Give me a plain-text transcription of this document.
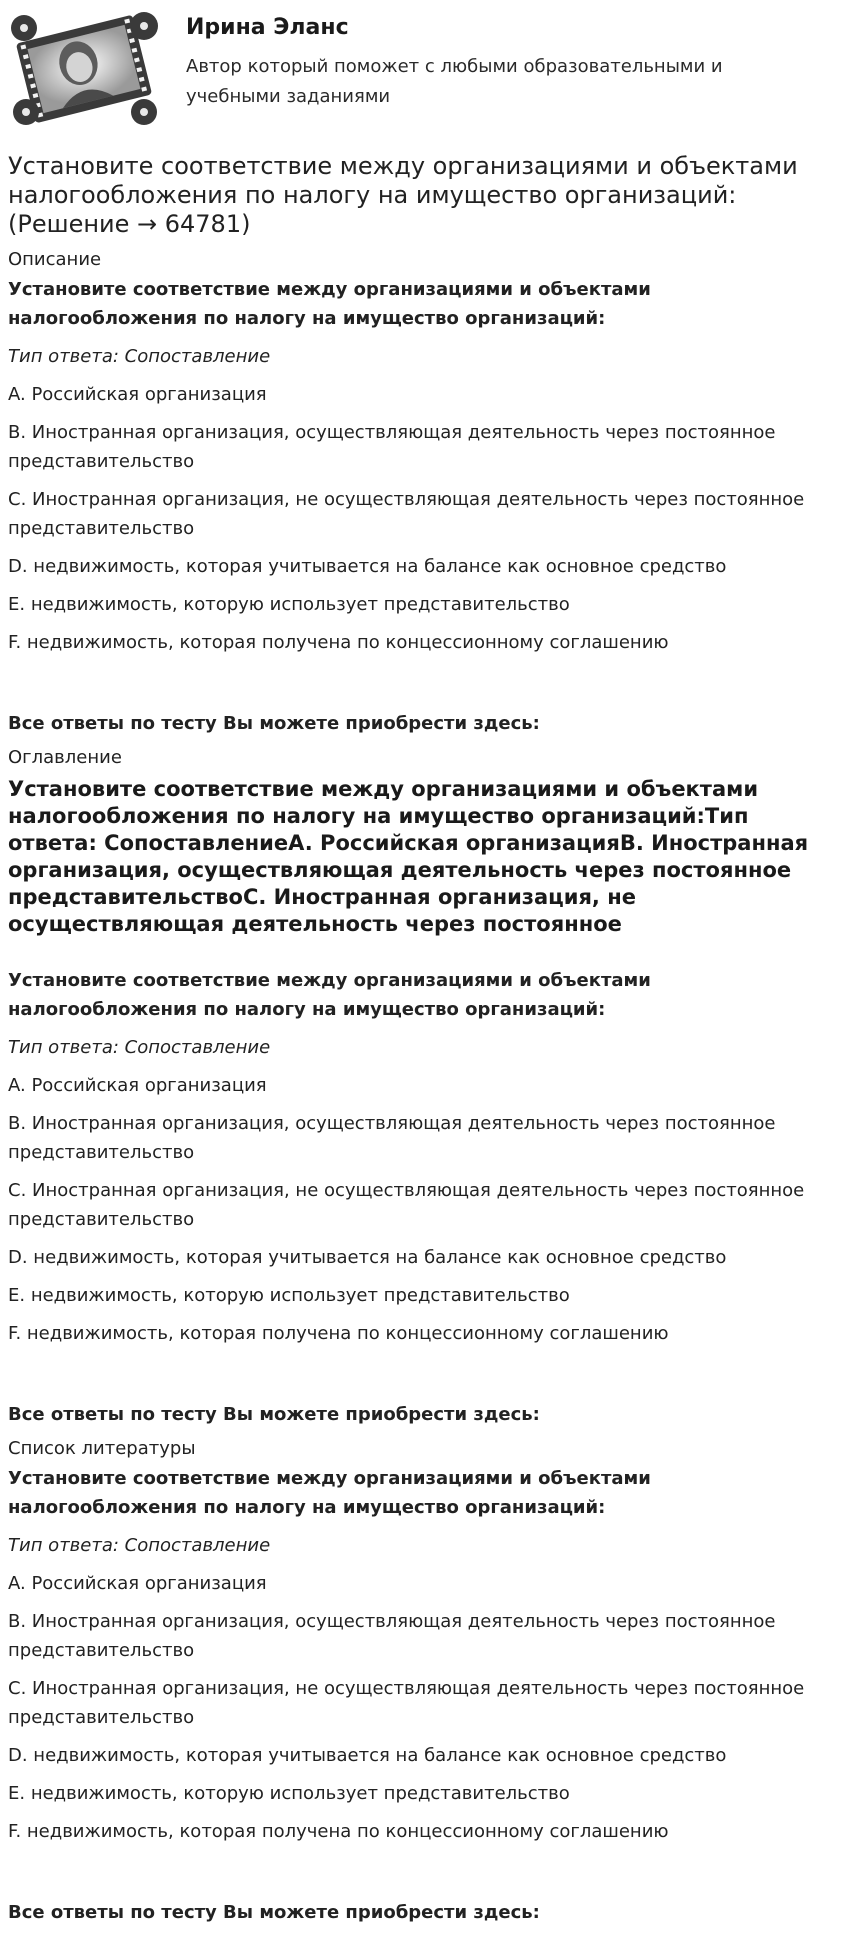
Ирина Эланс
Автор который поможет с любыми образовательными и учебными заданиями
Установите соответствие между организациями и объектами налогообложения по налогу на имущество организаций: (Решение → 64781)
Описание

Установите соответствие между организациями и объектами налогообложения по налогу на имущество организаций:

Тип ответа: Сопоставление

A. Российская организация

B. Иностранная организация, осуществляющая деятельность через постоянное представительство

C. Иностранная организация, не осуществляющая деятельность через постоянное представительство

D. недвижимость, которая учитывается на балансе как основное средство

E. недвижимость, которую использует представительство

F. недвижимость, которая получена по концессионному соглашению

Все ответы по тесту Вы можете приобрести здесь:

Оглавление
Установите соответствие между организациями и объектами налогообложения по налогу на имущество организаций:Тип ответа: СопоставлениеA. Российская организацияB. Иностранная организация, осуществляющая деятельность через постоянное представительствоC. Иностранная организация, не осуществляющая деятельность через постоянное

Установите соответствие между организациями и объектами налогообложения по налогу на имущество организаций:

Тип ответа: Сопоставление

A. Российская организация

B. Иностранная организация, осуществляющая деятельность через постоянное представительство

C. Иностранная организация, не осуществляющая деятельность через постоянное представительство

D. недвижимость, которая учитывается на балансе как основное средство

E. недвижимость, которую использует представительство

F. недвижимость, которая получена по концессионному соглашению

Все ответы по тесту Вы можете приобрести здесь:

Список литературы

Установите соответствие между организациями и объектами налогообложения по налогу на имущество организаций:

Тип ответа: Сопоставление

A. Российская организация

B. Иностранная организация, осуществляющая деятельность через постоянное представительство

C. Иностранная организация, не осуществляющая деятельность через постоянное представительство

D. недвижимость, которая учитывается на балансе как основное средство

E. недвижимость, которую использует представительство

F. недвижимость, которая получена по концессионному соглашению

Все ответы по тесту Вы можете приобрести здесь:
